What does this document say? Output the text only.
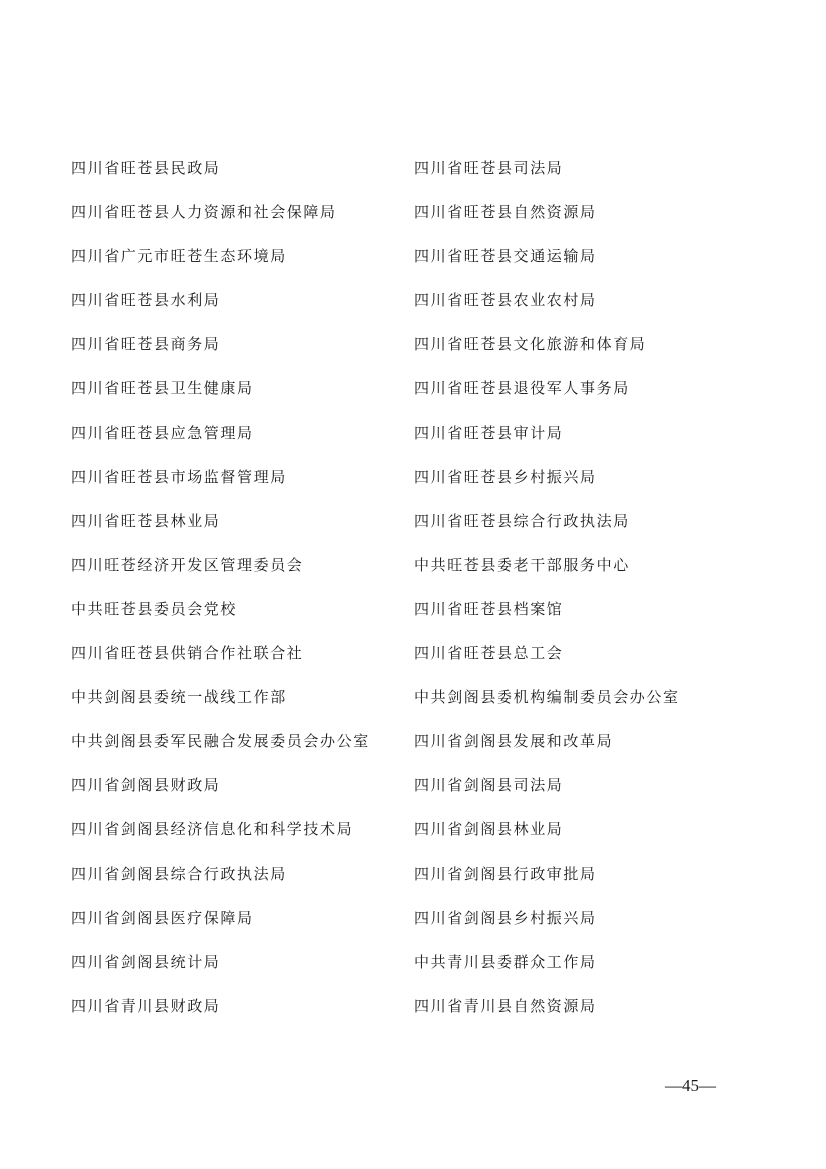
四川省旺苍县民政局	四川省旺苍县司法局
四川省旺苍县人力资源和社会保障局	四川省旺苍县自然资源局
四川省广元市旺苍生态环境局	四川省旺苍县交通运输局
四川省旺苍县水利局	四川省旺苍县农业农村局
四川省旺苍县商务局	四川省旺苍县文化旅游和体育局
四川省旺苍县卫生健康局	四川省旺苍县退役军人事务局
四川省旺苍县应急管理局	四川省旺苍县审计局
四川省旺苍县市场监督管理局	四川省旺苍县乡村振兴局
四川省旺苍县林业局	四川省旺苍县综合行政执法局
四川旺苍经济开发区管理委员会	中共旺苍县委老干部服务中心
中共旺苍县委员会党校	四川省旺苍县档案馆
四川省旺苍县供销合作社联合社	四川省旺苍县总工会
中共剑阁县委统一战线工作部	中共剑阁县委机构编制委员会办公室
中共剑阁县委军民融合发展委员会办公室	四川省剑阁县发展和改革局
四川省剑阁县财政局	四川省剑阁县司法局
四川省剑阁县经济信息化和科学技术局	四川省剑阁县林业局
四川省剑阁县综合行政执法局	四川省剑阁县行政审批局
四川省剑阁县医疗保障局	四川省剑阁县乡村振兴局
四川省剑阁县统计局	中共青川县委群众工作局
四川省青川县财政局	四川省青川县自然资源局
—45—
